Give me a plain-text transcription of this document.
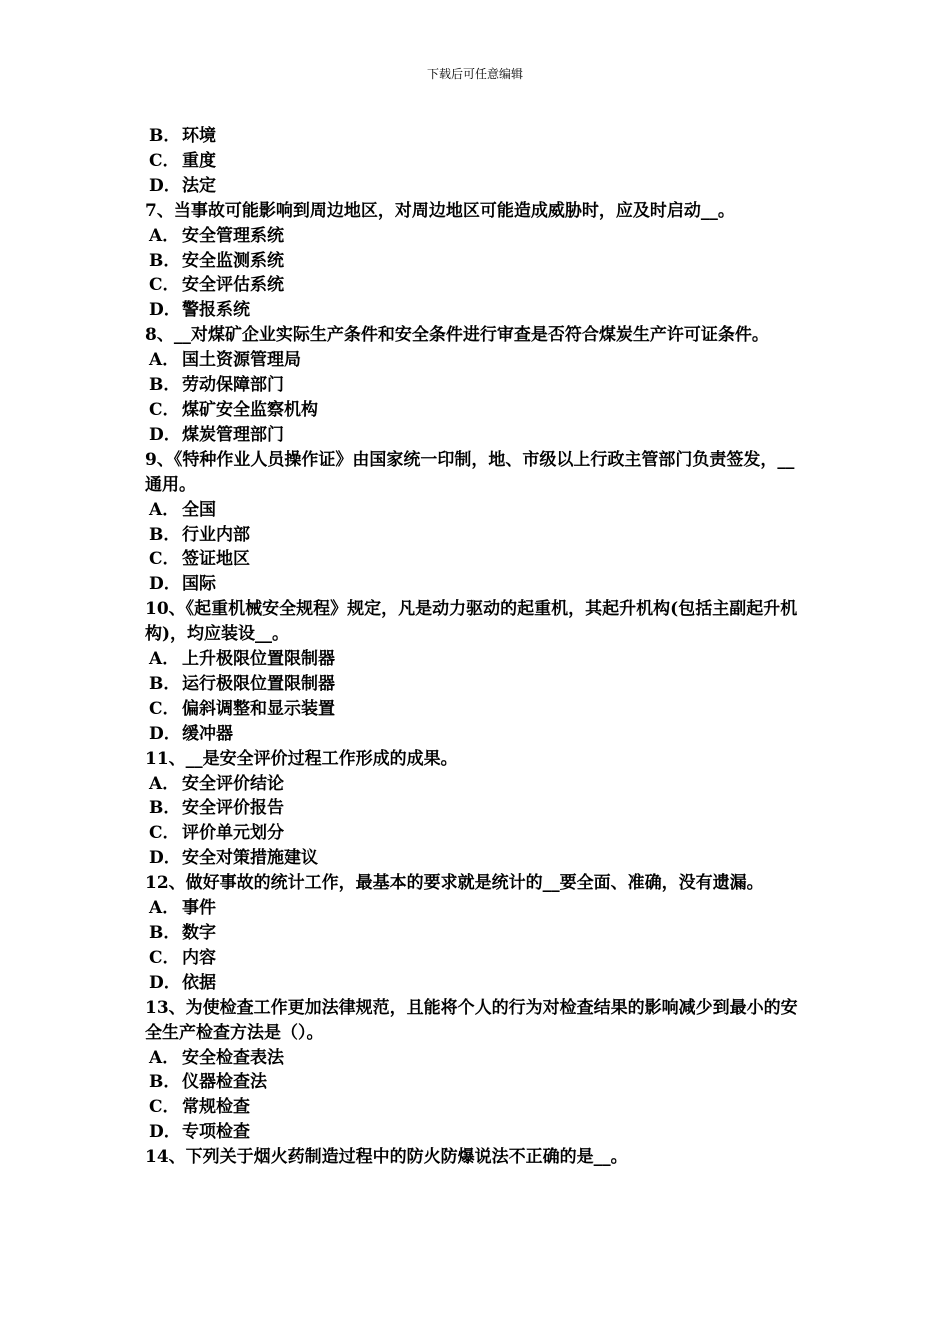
下载后可任意编辑
B．环境
C． 重度
D．法定
7、当事故可能影响到周边地区，对周边地区可能造成威胁时，应及时启动__。
A． 安全管理系统
B．安全监测系统
C． 安全评估系统
D．警报系统
8、__对煤矿企业实际生产条件和安全条件进行审查是否符合煤炭生产许可证条件。
A． 国土资源管理局
B．劳动保障部门
C． 煤矿安全监察机构
D．煤炭管理部门
9、《特种作业人员操作证》由国家统一印制，地、市级以上行政主管部门负责签发，__通用。
A． 全国
B．行业内部
C． 签证地区
D．国际
10、《起重机械安全规程》规定，凡是动力驱动的起重机，其起升机构(包括主副起升机构)，均应装设__。
A． 上升极限位置限制器
B．运行极限位置限制器
C． 偏斜调整和显示装置
D．缓冲器
11、__是安全评价过程工作形成的成果。
A． 安全评价结论
B．安全评价报告
C． 评价单元划分
D．安全对策措施建议
12、做好事故的统计工作，最基本的要求就是统计的__要全面、准确，没有遗漏。
A． 事件
B．数字
C． 内容
D．依据
13、为使检查工作更加法律规范，且能将个人的行为对检查结果的影响减少到最小的安全生产检查方法是（）。
A． 安全检查表法
B．仪器检查法
C． 常规检查
D．专项检查
14、下列关于烟火药制造过程中的防火防爆说法不正确的是__。
